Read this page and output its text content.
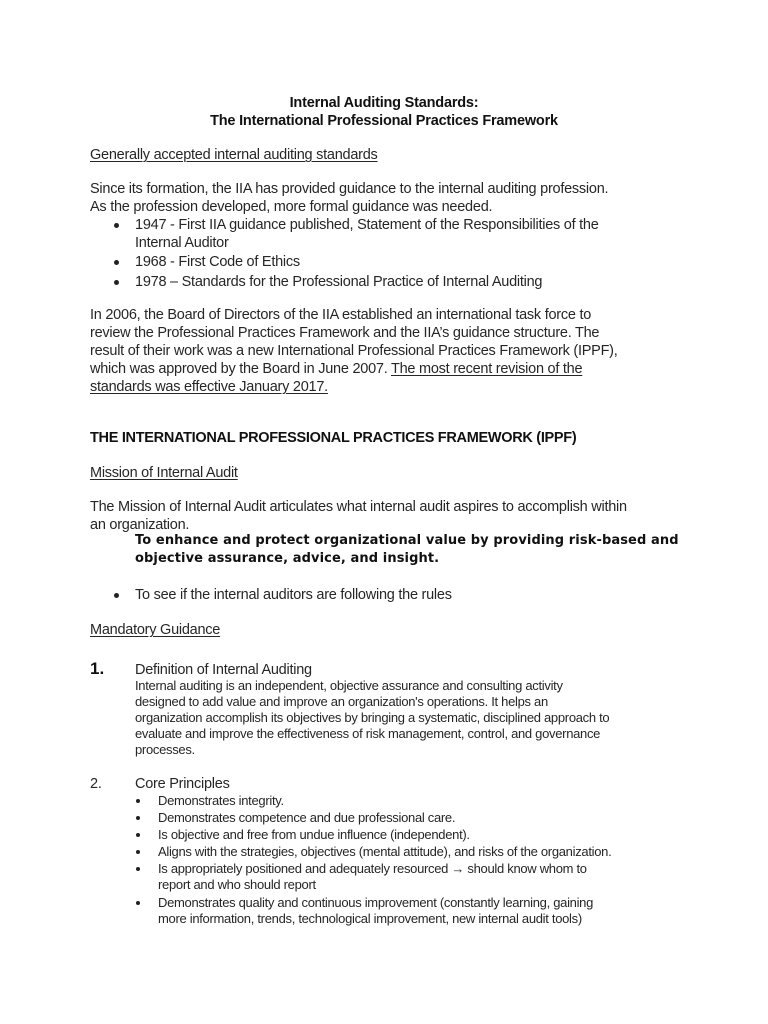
Internal Auditing Standards:
The International Professional Practices Framework
Generally accepted internal auditing standards
Since its formation, the IIA has provided guidance to the internal auditing profession.
As the profession developed, more formal guidance was needed.
1947 - First IIA guidance published, Statement of the Responsibilities of the
Internal Auditor
1968 - First Code of Ethics
1978 – Standards for the Professional Practice of Internal Auditing
In 2006, the Board of Directors of the IIA established an international task force to
review the Professional Practices Framework and the IIA’s guidance structure. The
result of their work was a new International Professional Practices Framework (IPPF),
which was approved by the Board in June 2007. The most recent revision of the
standards was effective January 2017.
THE INTERNATIONAL PROFESSIONAL PRACTICES FRAMEWORK (IPPF)
Mission of Internal Audit
The Mission of Internal Audit articulates what internal audit aspires to accomplish within
an organization.
To enhance and protect organizational value by providing risk-based and
objective assurance, advice, and insight.
To see if the internal auditors are following the rules
Mandatory Guidance
1. Definition of Internal Auditing
Internal auditing is an independent, objective assurance and consulting activity
designed to add value and improve an organization's operations. It helps an
organization accomplish its objectives by bringing a systematic, disciplined approach to
evaluate and improve the effectiveness of risk management, control, and governance
processes.
2. Core Principles
Demonstrates integrity.
Demonstrates competence and due professional care.
Is objective and free from undue influence (independent).
Aligns with the strategies, objectives (mental attitude), and risks of the organization.
Is appropriately positioned and adequately resourced → should know whom to
report and who should report
Demonstrates quality and continuous improvement (constantly learning, gaining
more information, trends, technological improvement, new internal audit tools)
